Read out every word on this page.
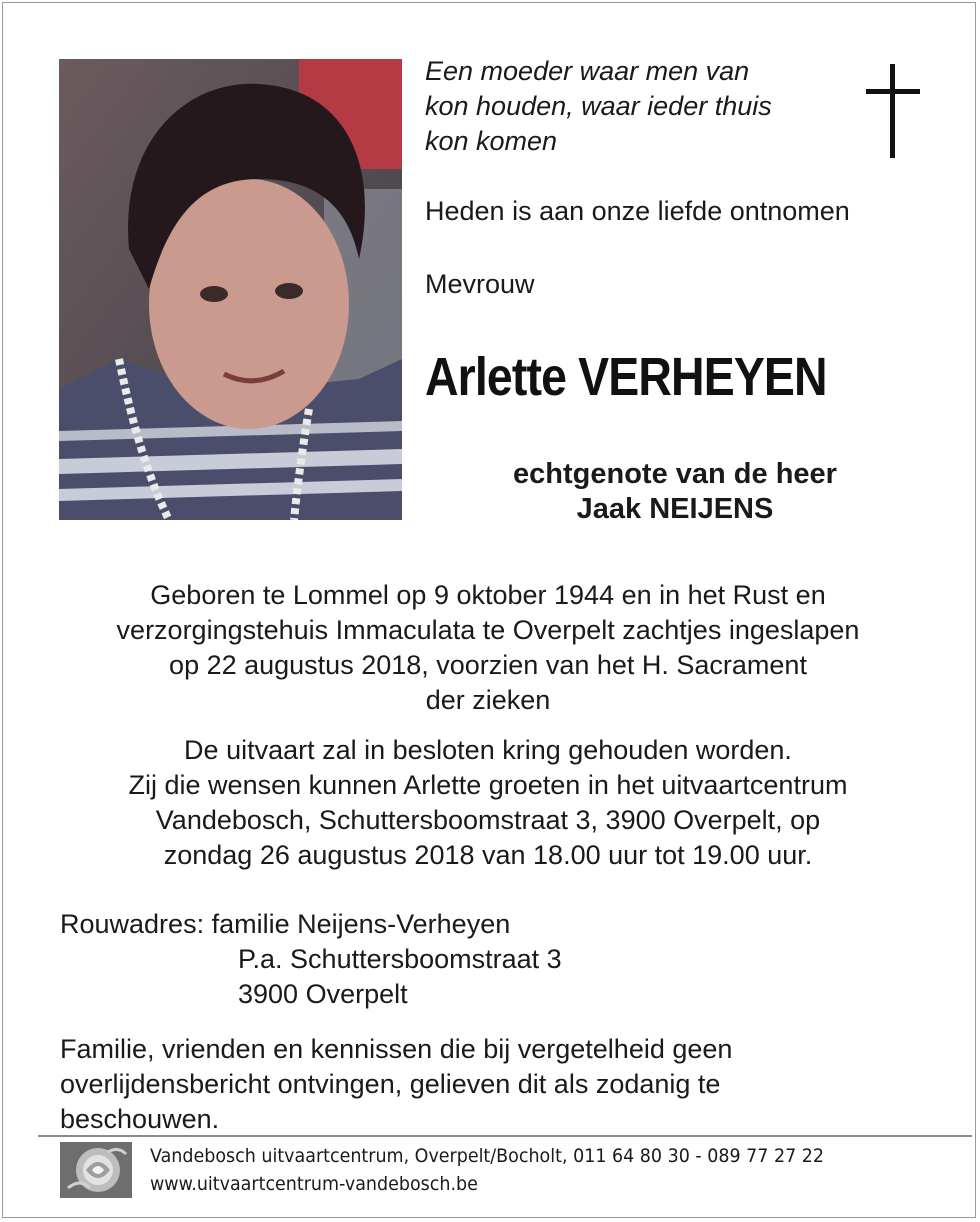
Een moeder waar men van
kon houden, waar ieder thuis
kon komen
Heden is aan onze liefde ontnomen
Mevrouw
Arlette VERHEYEN
echtgenote van de heer
Jaak NEIJENS
Geboren te Lommel op 9 oktober 1944 en in het Rust en
verzorgingstehuis Immaculata te Overpelt zachtjes ingeslapen
op 22 augustus 2018, voorzien van het H. Sacrament
der zieken
De uitvaart zal in besloten kring gehouden worden.
Zij die wensen kunnen Arlette groeten in het uitvaartcentrum
Vandebosch, Schuttersboomstraat 3, 3900 Overpelt, op
zondag 26 augustus 2018 van 18.00 uur tot 19.00 uur.
Rouwadres: familie Neijens-Verheyen
P.a. Schuttersboomstraat 3
3900 Overpelt
Familie, vrienden en kennissen die bij vergetelheid geen
overlijdensbericht ontvingen, gelieven dit als zodanig te
beschouwen.
Vandebosch uitvaartcentrum, Overpelt/Bocholt, 011 64 80 30 - 089 77 27 22
www.uitvaartcentrum-vandebosch.be
